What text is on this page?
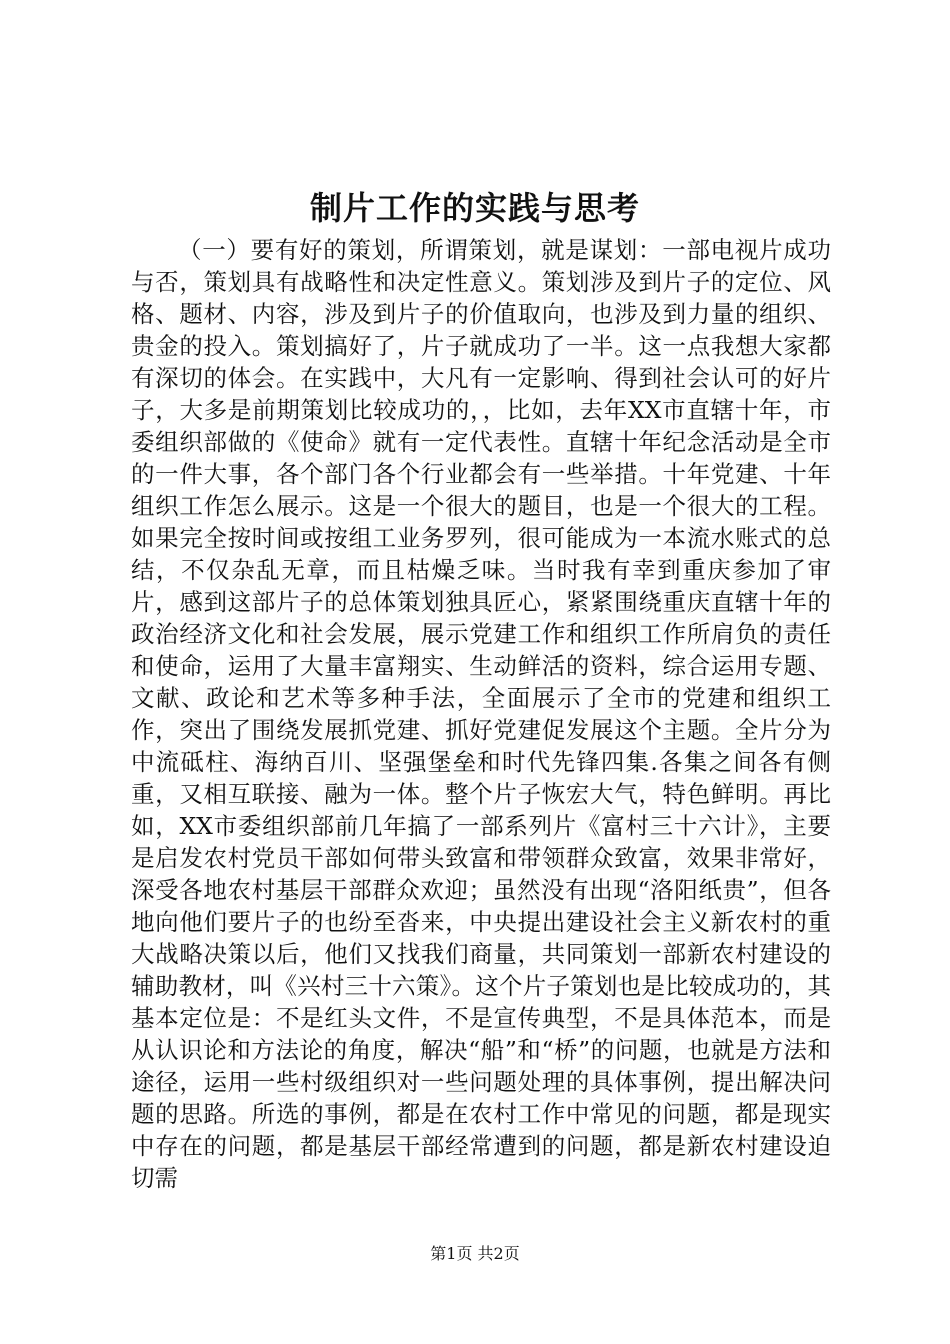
制片工作的实践与思考

（一）要有好的策划，所谓策划，就是谋划：一部电视片成功与否，策划具有战略性和决定性意义。策划涉及到片子的定位、风格、题材、内容，涉及到片子的价值取向，也涉及到力量的组织、贵金的投入。策划搞好了，片子就成功了一半。这一点我想大家都有深切的体会。在实践中，大凡有一定影响、得到社会认可的好片子，大多是前期策划比较成功的，，比如，去年XX市直辖十年，市委组织部做的《使命》就有一定代表性。直辖十年纪念活动是全市的一件大事，各个部门各个行业都会有一些举措。十年党建、十年组织工作怎么展示。这是一个很大的题目，也是一个很大的工程。如果完全按时间或按组工业务罗列，很可能成为一本流水账式的总结，不仅杂乱无章，而且枯燥乏味。当时我有幸到重庆参加了审片，感到这部片子的总体策划独具匠心，紧紧围绕重庆直辖十年的政治经济文化和社会发展，展示党建工作和组织工作所肩负的责任和使命，运用了大量丰富翔实、生动鲜活的资料，综合运用专题、文献、政论和艺术等多种手法，全面展示了全市的党建和组织工作，突出了围绕发展抓党建、抓好党建促发展这个主题。全片分为中流砥柱、海纳百川、坚强堡垒和时代先锋四集.各集之间各有侧重，又相互联接、融为一体。整个片子恢宏大气，特色鲜明。再比如，XX市委组织部前几年搞了一部系列片《富村三十六计》，主要是启发农村党员干部如何带头致富和带领群众致富，效果非常好，深受各地农村基层干部群众欢迎；虽然没有出现“洛阳纸贵”，但各地向他们要片子的也纷至沓来，中央提出建设社会主义新农村的重大战略决策以后，他们又找我们商量，共同策划一部新农村建设的辅助教材，叫《兴村三十六策》。这个片子策划也是比较成功的，其基本定位是：不是红头文件，不是宣传典型，不是具体范本，而是从认识论和方法论的角度，解决“船”和“桥”的问题，也就是方法和途径，运用一些村级组织对一些问题处理的具体事例，提出解决问题的思路。所选的事例，都是在农村工作中常见的问题，都是现实中存在的问题，都是基层干部经常遭到的问题，都是新农村建设迫切需

第1页 共2页
